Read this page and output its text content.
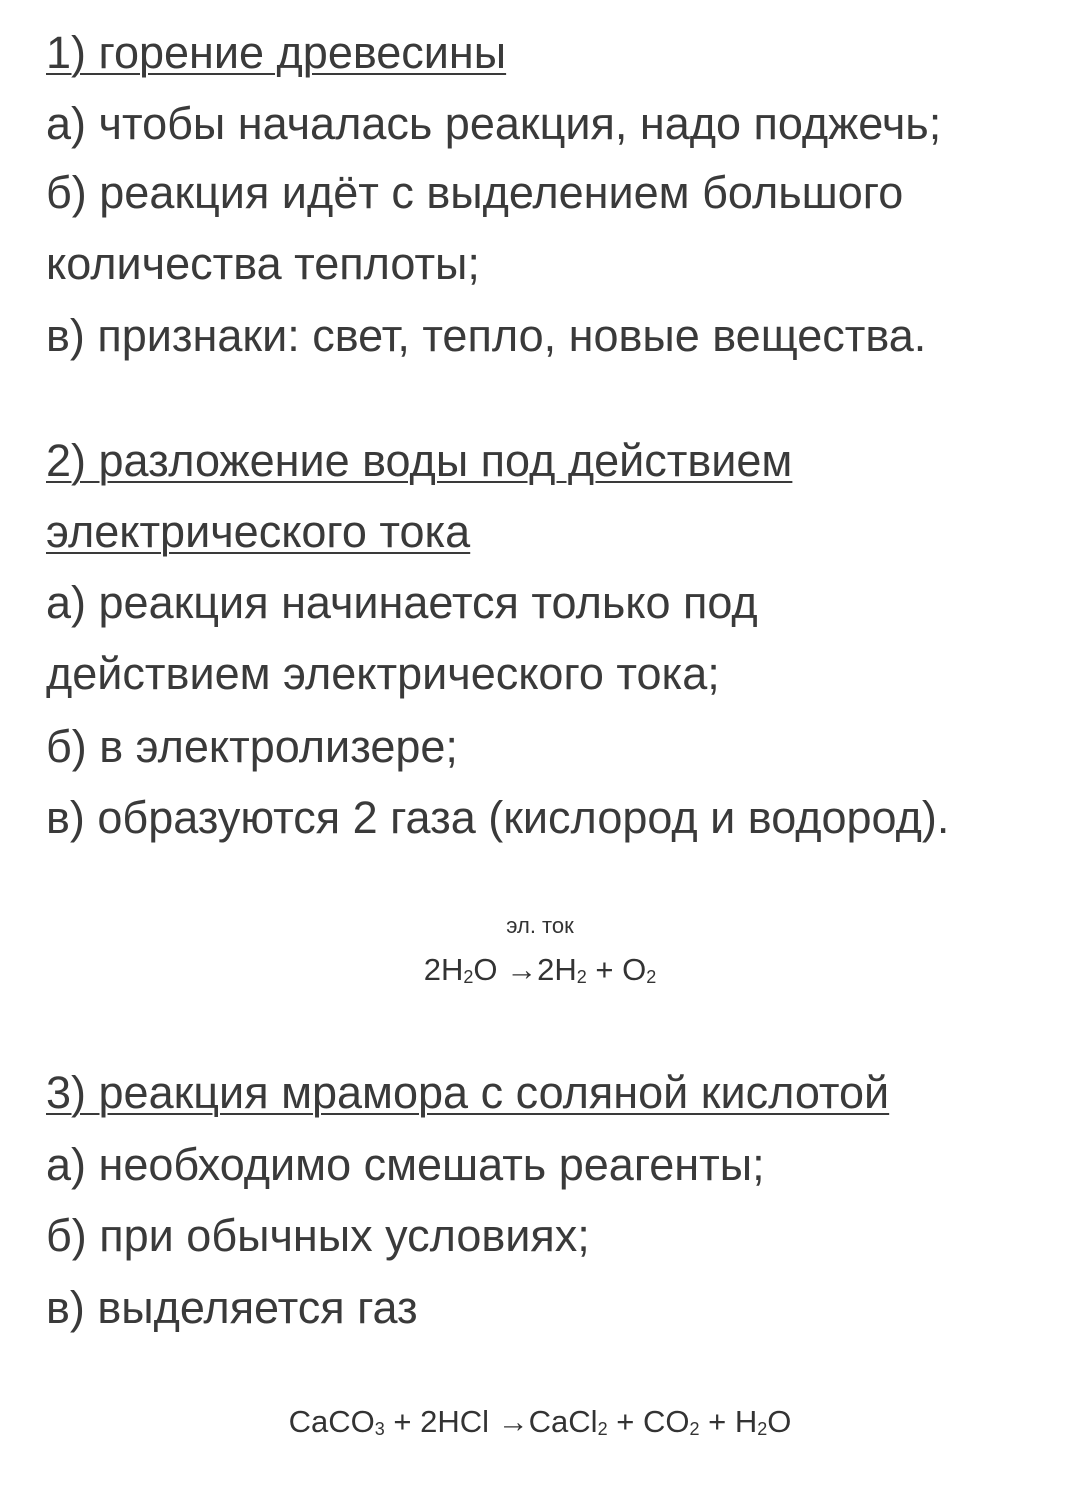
1) горение древесины
а) чтобы началась реакция, надо поджечь;
б) реакция идёт с выделением большого
количества теплоты;
в) признаки: свет, тепло, новые вещества.
2) разложение воды под действием
электрического тока
а) реакция начинается только под
действием электрического тока;
б) в электролизере;
в) образуются 2 газа (кислород и водород).
эл. ток
$2H_2O \to 2H_2 + O_2$
3) реакция мрамора с соляной кислотой
а) необходимо смешать реагенты;
б) при обычных условиях;
в) выделяется газ
CaCO$_3$ + 2HCl →CaCl$_2$ + $CO_2 + H_2O$
